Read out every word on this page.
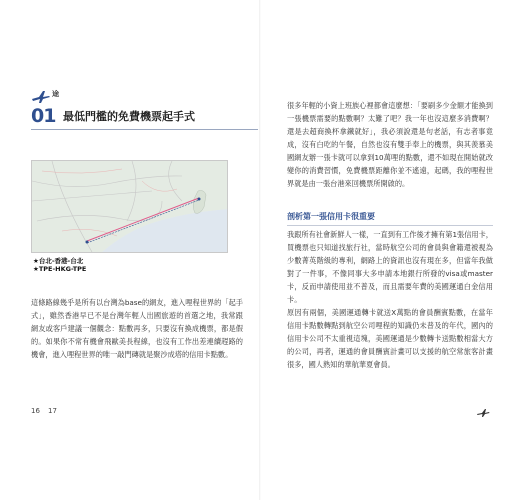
途
01 最低門檻的免費機票起手式
★台北-香港-台北
★TPE-HKG-TPE
這條路線幾乎是所有以台灣為base的網友，進入哩程世界的「起手式」，雖然香港早已不是台灣年輕人出國旅遊的首選之地，我常跟網友或客戶建議一個觀念：點數再多，只要沒有換成機票，都是假的。如果你不常有機會飛歐美長程線，也沒有工作出差連續趕路的機會，進入哩程世界的唯一敲門磚就是聚沙成塔的信用卡點數。
16 17
很多年輕的小資上班族心裡都會這麼想：「要刷多少金額才能換到一張機票需要的點數啊？太難了吧？我一年也沒這麼多消費啊？還是去超商換杯拿鐵就好」，我必須說還是句老話，有志者事竟成，沒有白吃的午餐，自然也沒有雙手奉上的機票，與其羨慕美國網友辦一張卡就可以拿到10萬哩的點數，還不如現在開始就改變你的消費習慣，免費機票距離你並不遙遠，起碼，我的哩程世界就是由一張台港來回機票所開啟的。
剖析第一張信用卡很重要
我跟所有社會新鮮人一樣，一直到有工作後才擁有第1張信用卡，買機票也只知道找旅行社，當時航空公司的會員與會籍還被視為少數菁英階級的專利，網路上的資訊也沒有現在多，但當年我做對了一件事，不像同事大多申請本地銀行所發的visa或master卡，反而申請使用並不普及，而且需要年費的美國運通白金信用卡。
原因有兩個，美國運通轉卡就送X萬點的會員酬賓點數，在當年信用卡點數轉點到航空公司哩程的知識仍未普及的年代，國內的信用卡公司不太重視這塊，美國運通是少數轉卡送點數相當大方的公司，再者，運通的會員酬賓計畫可以支援的航空常旅客計畫很多，國人熟知的華航華夏會員。
